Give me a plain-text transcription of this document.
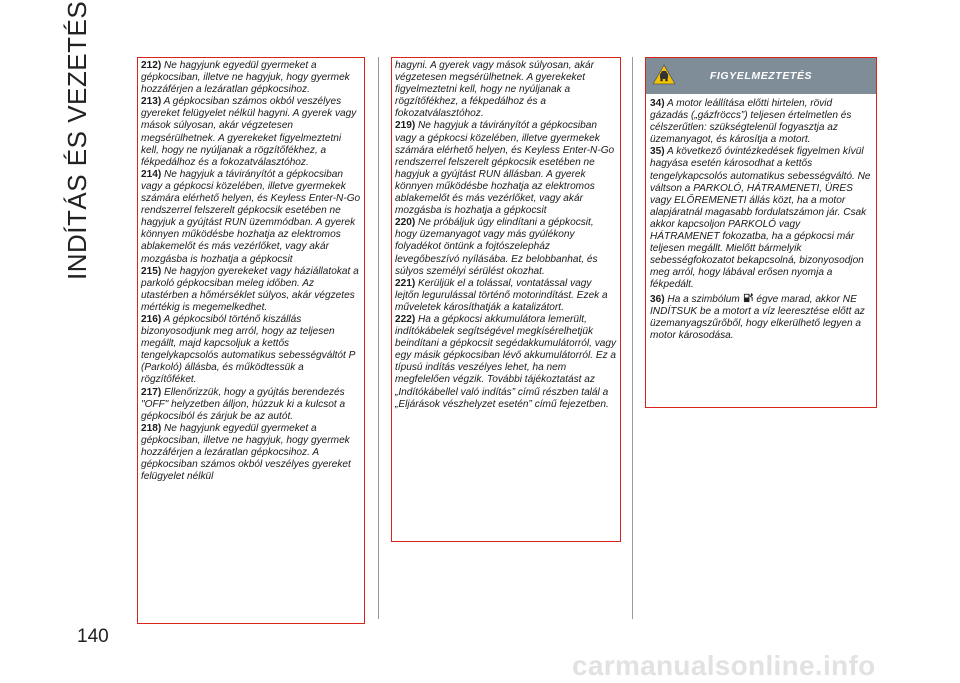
INDÍTÁS ÉS VEZETÉS	212) Ne hagyjunk egyedül gyermeket a gépkocsiban, illetve ne hagyjuk, hogy gyermek hozzáférjen a lezáratlan gépkocsihoz.

213) A gépkocsiban számos okból veszélyes gyereket felügyelet nélkül hagyni. A gyerek vagy mások súlyosan, akár végzetesen megsérülhetnek. A gyerekeket figyelmeztetni kell, hogy ne nyúljanak a rögzítőfékhez, a fékpedálhoz és a fokozatválasztóhoz.

214) Ne hagyjuk a távirányítót a gépkocsiban vagy a gépkocsi közelében, illetve gyermekek számára elérhető helyen, és Keyless Enter-N-Go rendszerrel felszerelt gépkocsik esetében ne hagyjuk a gyújtást RUN üzemmódban. A gyerek könnyen működésbe hozhatja az elektromos ablakemelőt és más vezérlőket, vagy akár mozgásba is hozhatja a gépkocsit

215) Ne hagyjon gyerekeket vagy háziállatokat a parkoló gépkocsiban meleg időben. Az utastérben a hőmérséklet súlyos, akár végzetes mértékig is megemelkedhet.

216) A gépkocsiból történő kiszállás bizonyosodjunk meg arról, hogy az teljesen megállt, majd kapcsoljuk a kettős tengelykapcsolós automatikus sebességváltót P (Parkoló) állásba, és működtessük a rögzítőféket.

217) Ellenőrizzük, hogy a gyújtás berendezés "OFF" helyzetben álljon, húzzuk ki a kulcsot a gépkocsiból és zárjuk be az autót.

218) Ne hagyjunk egyedül gyermeket a gépkocsiban, illetve ne hagyjuk, hogy gyermek hozzáférjen a lezáratlan gépkocsihoz. A gépkocsiban számos okból veszélyes gyereket felügyelet nélkül

hagyni. A gyerek vagy mások súlyosan, akár végzetesen megsérülhetnek. A gyerekeket figyelmeztetni kell, hogy ne nyúljanak a rögzítőfékhez, a fékpedálhoz és a fokozatválasztóhoz.

219) Ne hagyjuk a távirányítót a gépkocsiban vagy a gépkocsi közelében, illetve gyermekek számára elérhető helyen, és Keyless Enter-N-Go rendszerrel felszerelt gépkocsik esetében ne hagyjuk a gyújtást RUN állásban. A gyerek könnyen működésbe hozhatja az elektromos ablakemelőt és más vezérlőket, vagy akár mozgásba is hozhatja a gépkocsit

220) Ne próbáljuk úgy elindítani a gépkocsit, hogy üzemanyagot vagy más gyúlékony folyadékot öntünk a fojtószelepház levegőbeszívó nyílásába. Ez belobbanhat, és súlyos személyi sérülést okozhat.

221) Kerüljük el a tolással, vontatással vagy lejtőn legurulással történő motorindítást. Ezek a műveletek károsíthatják a katalizátort.

222) Ha a gépkocsi akkumulátora lemerült, indítókábelek segítségével megkísérelhetjük beindítani a gépkocsit segédakkumulátorról, vagy egy másik gépkocsiban lévő akkumulátorról. Ez a típusú indítás veszélyes lehet, ha nem megfelelően végzik. További tájékoztatást az „Indítókábellel való indítás” című részben talál a „Eljárások vészhelyzet esetén” című fejezetben.

FIGYELMEZTETÉS

34) A motor leállítása előtti hirtelen, rövid gázadás („gázfröccs”) teljesen értelmetlen és célszerűtlen: szükségtelenül fogyasztja az üzemanyagot, és károsítja a motort.

35) A következő óvintézkedések figyelmen kívül hagyása esetén károsodhat a kettős tengelykapcsolós automatikus sebességváltó. Ne váltson a PARKOLÓ, HÁTRAMENETI, ÜRES vagy ELŐREMENETI állás közt, ha a motor alapjáratnál magasabb fordulatszámon jár. Csak akkor kapcsoljon PARKOLÓ vagy HÁTRAMENET fokozatba, ha a gépkocsi már teljesen megállt. Mielőtt bármelyik sebességfokozatot bekapcsolná, bizonyosodjon meg arról, hogy lábával erősen nyomja a fékpedált.

36) Ha a szimbólum égve marad, akkor NE INDÍTSUK be a motort a víz leeresztése előtt az üzemanyagszűrőből, hogy elkerülhető legyen a motor károsodása.

140
carmanualsonline.info
